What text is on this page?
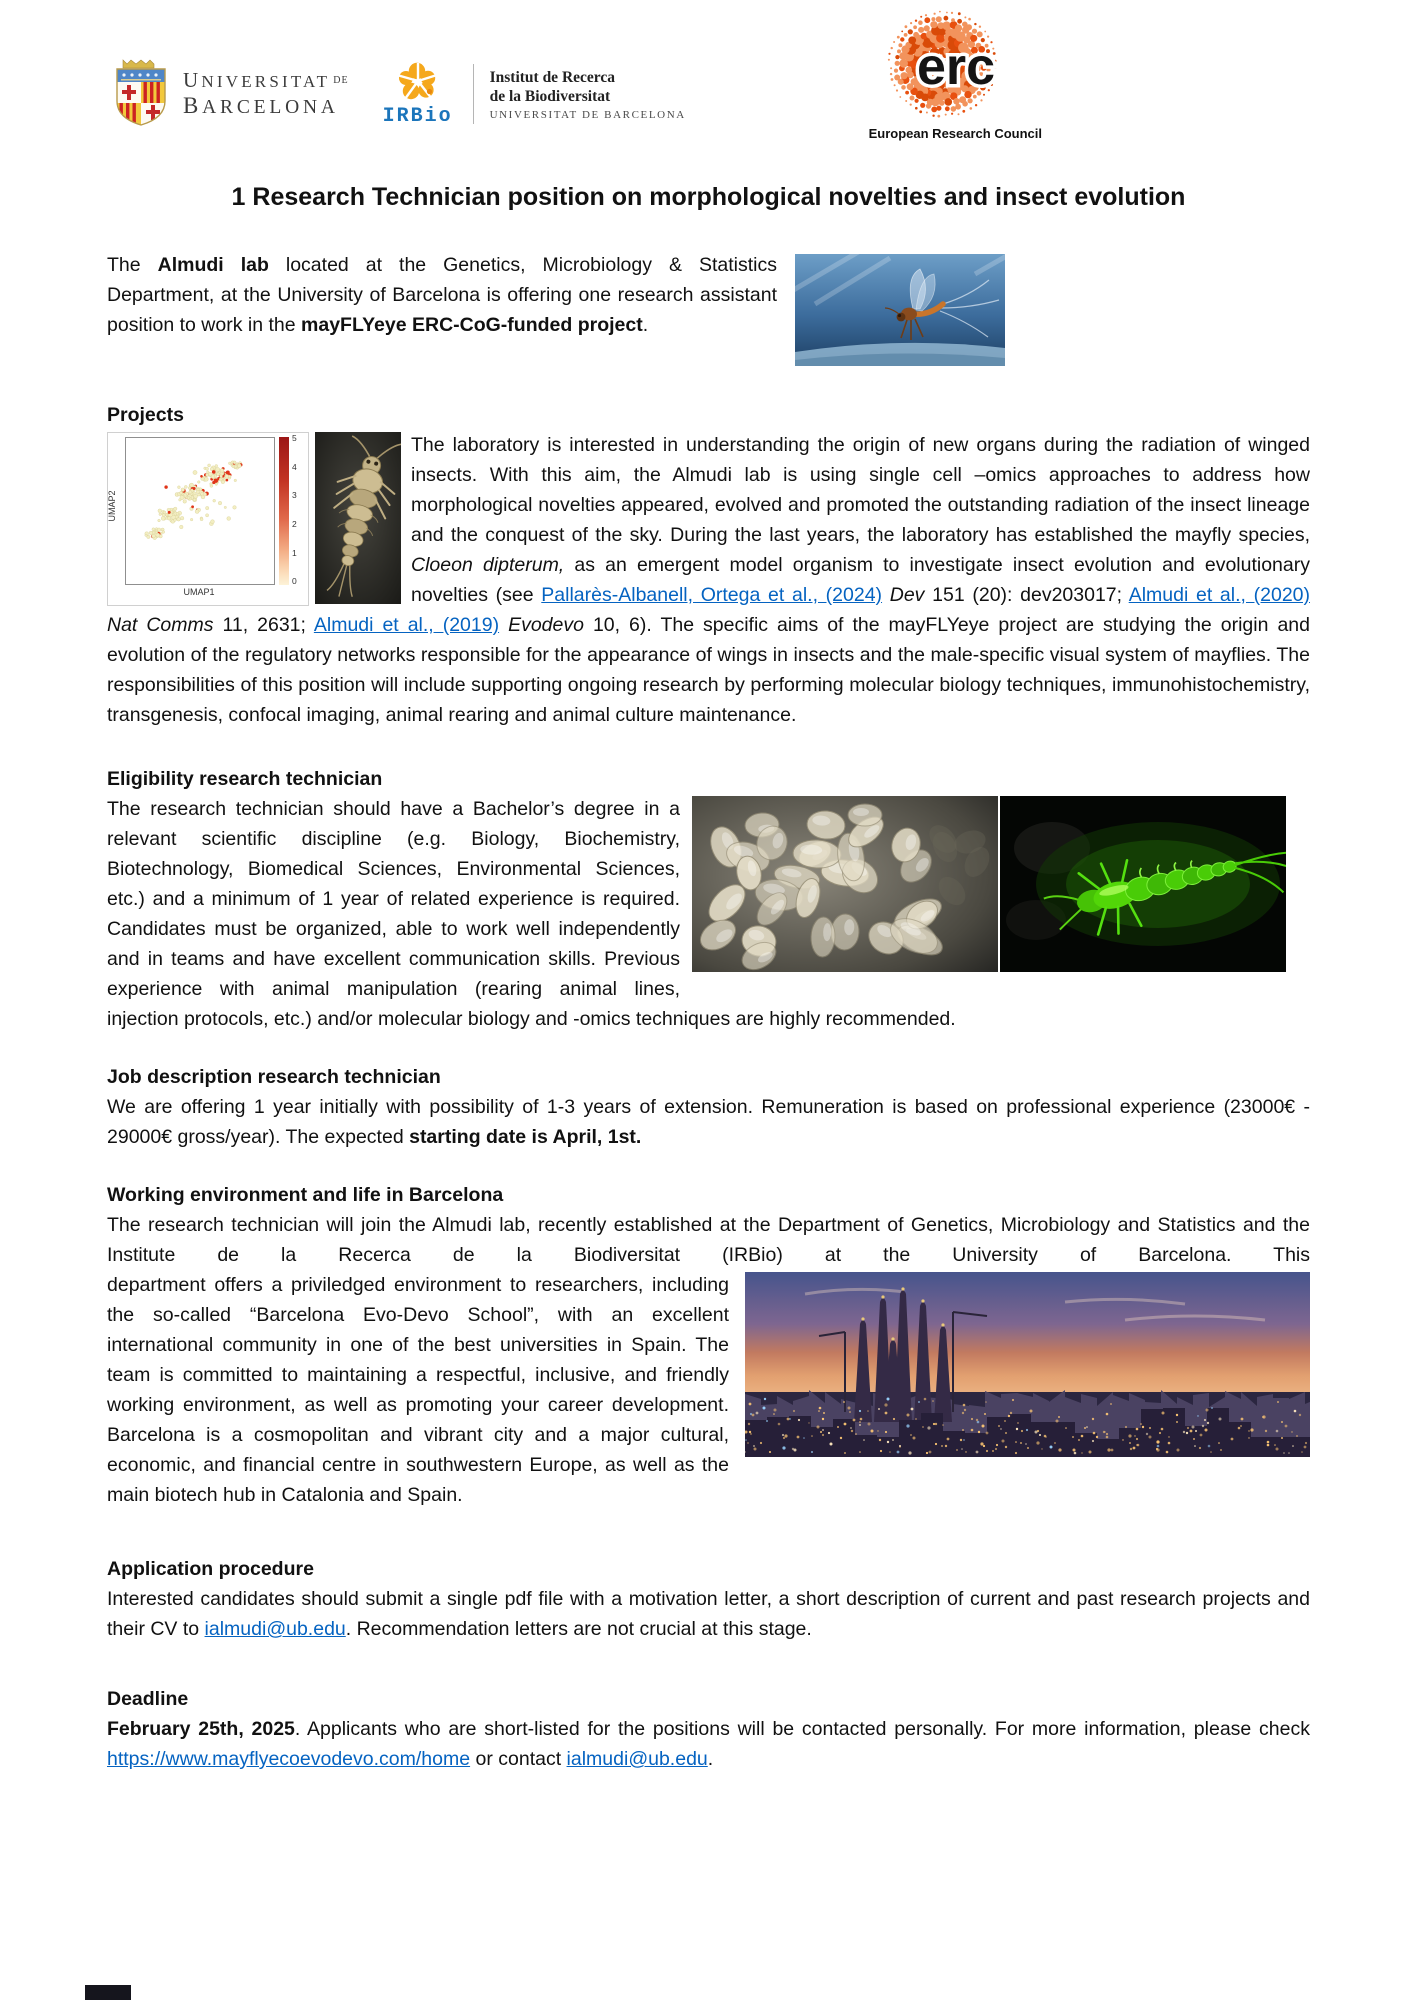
UNIVERSITAT $^{DE}$
BARCELONA	IRBio
Institut de Recerca
de la Biodiversitat
UNIVERSITAT DE BARCELONA
erc
European Research Council
1 Research Technician position on morphological novelties and insect evolution

The Almudi lab located at the Genetics, Microbiology & Statistics Department, at the University of Barcelona is offering one research assistant position to work in the mayFLYeye ERC-CoG-funded project.

Projects
UMAP2
5
4
3
2
1
0
UMAP1

The laboratory is interested in understanding the origin of new organs during the radiation of winged insects. With this aim, the Almudi lab is using single cell –omics approaches to address how morphological novelties appeared, evolved and promoted the outstanding radiation of the insect lineage and the conquest of the sky. During the last years, the laboratory has established the mayfly species, Cloeon dipterum, as an emergent model organism to investigate insect evolution and evolutionary novelties (see Pallarès-Albanell, Ortega et al., (2024) Dev 151 (20): dev203017; Almudi et al., (2020) Nat Comms 11, 2631; Almudi et al., (2019) Evodevo 10, 6). The specific aims of the mayFLYeye project are studying the origin and evolution of the regulatory networks responsible for the appearance of wings in insects and the male-specific visual system of mayflies. The responsibilities of this position will include supporting ongoing research by performing molecular biology techniques, immunohistochemistry, transgenesis, confocal imaging, animal rearing and animal culture maintenance.

Eligibility research technician

The research technician should have a Bachelor’s degree in a relevant scientific discipline (e.g. Biology, Biochemistry, Biotechnology, Biomedical Sciences, Environmental Sciences, etc.) and a minimum of 1 year of related experience is required. Candidates must be organized, able to work well independently and in teams and have excellent communication skills. Previous experience with animal manipulation (rearing animal lines, injection protocols, etc.) and/or molecular biology and -omics techniques are highly recommended.

Job description research technician

We are offering 1 year initially with possibility of 1-3 years of extension. Remuneration is based on professional experience (23000€ - 29000€ gross/year). The expected starting date is April, 1st.

Working environment and life in Barcelona

The research technician will join the Almudi lab, recently established at the Department of Genetics, Microbiology and Statistics and the Institute de la Recerca de la Biodiversitat (IRBio) at the University of Barcelona. This

department offers a priviledged environment to researchers, including the so-called “Barcelona Evo-Devo School”, with an excellent international community in one of the best universities in Spain. The team is committed to maintaining a respectful, inclusive, and friendly working environment, as well as promoting your career development. Barcelona is a cosmopolitan and vibrant city and a major cultural, economic, and financial centre in southwestern Europe, as well as the main biotech hub in Catalonia and Spain.

Application procedure

Interested candidates should submit a single pdf file with a motivation letter, a short description of current and past research projects and their CV to ialmudi@ub.edu. Recommendation letters are not crucial at this stage.

Deadline

February 25th, 2025. Applicants who are short-listed for the positions will be contacted personally. For more information, please check https://www.mayflyecoevodevo.com/home or contact ialmudi@ub.edu.
